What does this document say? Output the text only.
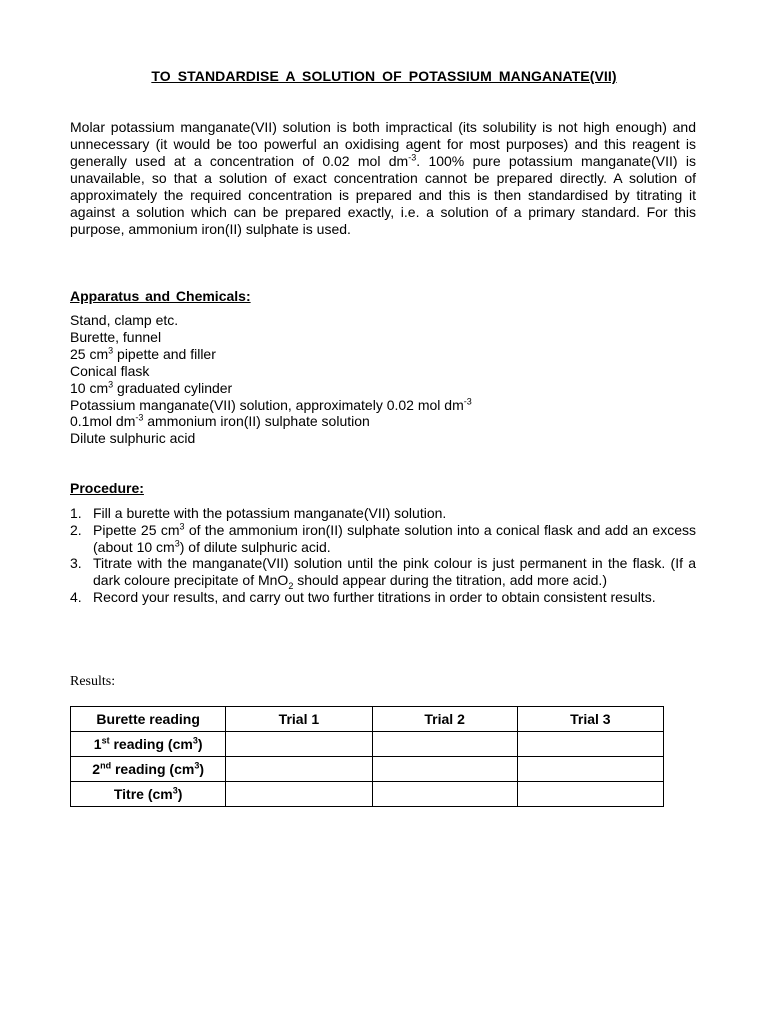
TO STANDARDISE A SOLUTION OF POTASSIUM MANGANATE(VII)

Molar potassium manganate(VII) solution is both impractical (its solubility is not high enough) and unnecessary (it would be too powerful an oxidising agent for most purposes) and this reagent is generally used at a concentration of 0.02 mol $dm^{-3}$. 100% pure potassium manganate(VII) is unavailable, so that a solution of exact concentration cannot be prepared directly. A solution of approximately the required concentration is prepared and this is then standardised by titrating it against a solution which can be prepared exactly, i.e. a solution of a primary standard. For this purpose, ammonium iron(II) sulphate is used.

Apparatus and Chemicals:
Stand, clamp etc.
Burette, funnel
25 $cm^3$ pipette and filler
Conical flask
10 $cm^3$ graduated cylinder
Potassium manganate(VII) solution, approximately 0.02 mol $dm^{-3}$
0.1mol $dm^{-3}$ ammonium iron(II) sulphate solution
Dilute sulphuric acid
Procedure:
1. Fill a burette with the potassium manganate(VII) solution.
2. Pipette 25 $cm^3$ of the ammonium iron(II) sulphate solution into a conical flask and add an excess (about 10 $cm^3$) of dilute sulphuric acid.
3. Titrate with the manganate(VII) solution until the pink colour is just permanent in the flask. (If a dark coloure precipitate of MnO$_2$ should appear during the titration, add more acid.)
4. Record your results, and carry out two further titrations in order to obtain consistent results.
Results:
Burette reading	Trial 1	Trial 2	Trial 3
1st reading $(cm^3)$			
2nd reading $(cm^3)$			
Titre $(cm^3)$			
